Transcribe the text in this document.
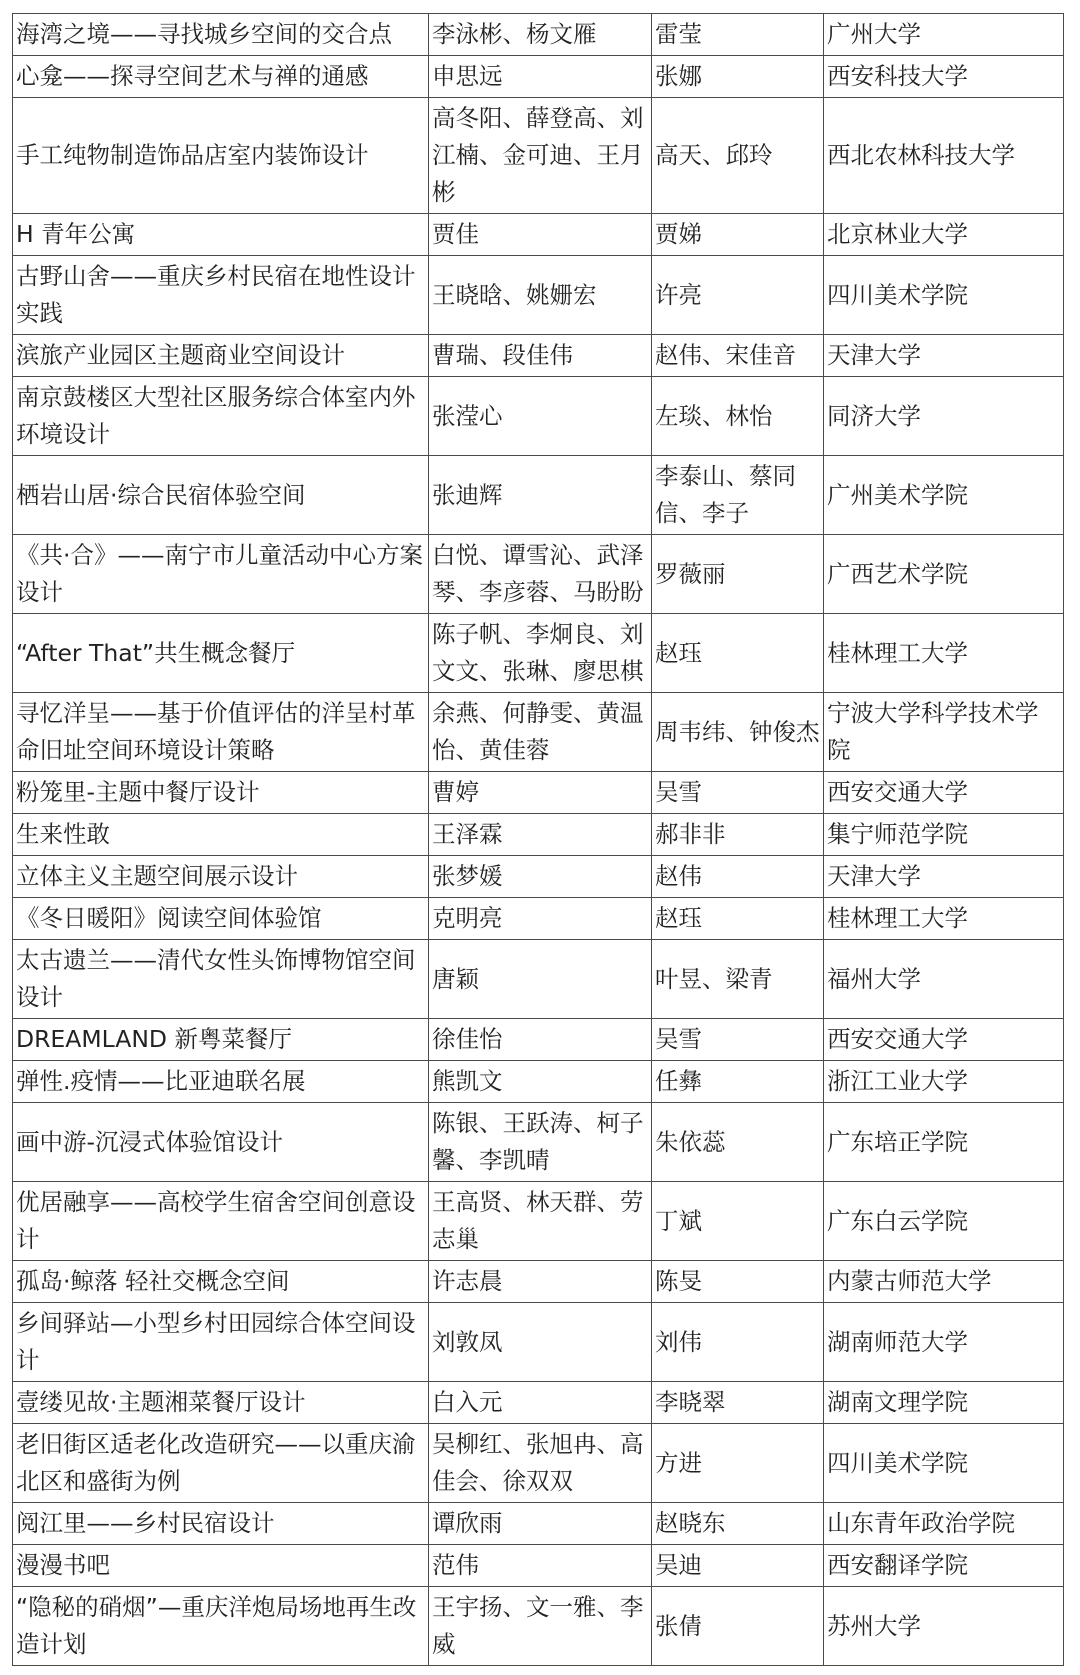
海湾之境——寻找城乡空间的交合点	李泳彬、杨文雁	雷莹	广州大学
心龛——探寻空间艺术与禅的通感	申思远	张娜	西安科技大学
手工纯物制造饰品店室内装饰设计	高冬阳、薛登高、刘江楠、金可迪、王月彬	高天、邱玲	西北农林科技大学
H 青年公寓	贾佳	贾娣	北京林业大学
古野山舍——重庆乡村民宿在地性设计实践	王晓晗、姚姗宏	许亮	四川美术学院
滨旅产业园区主题商业空间设计	曹瑞、段佳伟	赵伟、宋佳音	天津大学
南京鼓楼区大型社区服务综合体室内外环境设计	张滢心	左琰、林怡	同济大学
栖岩山居·综合民宿体验空间	张迪辉	李泰山、蔡同信、李子	广州美术学院
《共·合》——南宁市儿童活动中心方案设计	白悦、谭雪沁、武泽琴、李彦蓉、马盼盼	罗薇丽	广西艺术学院
“After That”共生概念餐厅	陈子帆、李炯良、刘文文、张琳、廖思棋	赵珏	桂林理工大学
寻忆洋呈——基于价值评估的洋呈村革命旧址空间环境设计策略	余燕、何静雯、黄温怡、黄佳蓉	周韦纬、钟俊杰	宁波大学科学技术学院
粉笼里-主题中餐厅设计	曹婷	吴雪	西安交通大学
生来性敢	王泽霖	郝非非	集宁师范学院
立体主义主题空间展示设计	张梦媛	赵伟	天津大学
《冬日暖阳》阅读空间体验馆	克明亮	赵珏	桂林理工大学
太古遗兰——清代女性头饰博物馆空间设计	唐颖	叶昱、梁青	福州大学
DREAMLAND 新粤菜餐厅	徐佳怡	吴雪	西安交通大学
弹性.疫情——比亚迪联名展	熊凯文	任彝	浙江工业大学
画中游-沉浸式体验馆设计	陈银、王跃涛、柯子馨、李凯晴	朱依蕊	广东培正学院
优居融享——高校学生宿舍空间创意设计	王高贤、林天群、劳志巢	丁斌	广东白云学院
孤岛·鲸落 轻社交概念空间	许志晨	陈旻	内蒙古师范大学
乡间驿站—小型乡村田园综合体空间设计	刘敦凤	刘伟	湖南师范大学
壹缕见故·主题湘菜餐厅设计	白入元	李晓翠	湖南文理学院
老旧街区适老化改造研究——以重庆渝北区和盛街为例	吴柳红、张旭冉、高佳会、徐双双	方进	四川美术学院
阅江里——乡村民宿设计	谭欣雨	赵晓东	山东青年政治学院
漫漫书吧	范伟	吴迪	西安翻译学院
“隐秘的硝烟”—重庆洋炮局场地再生改造计划	王宇扬、文一雅、李威	张倩	苏州大学
